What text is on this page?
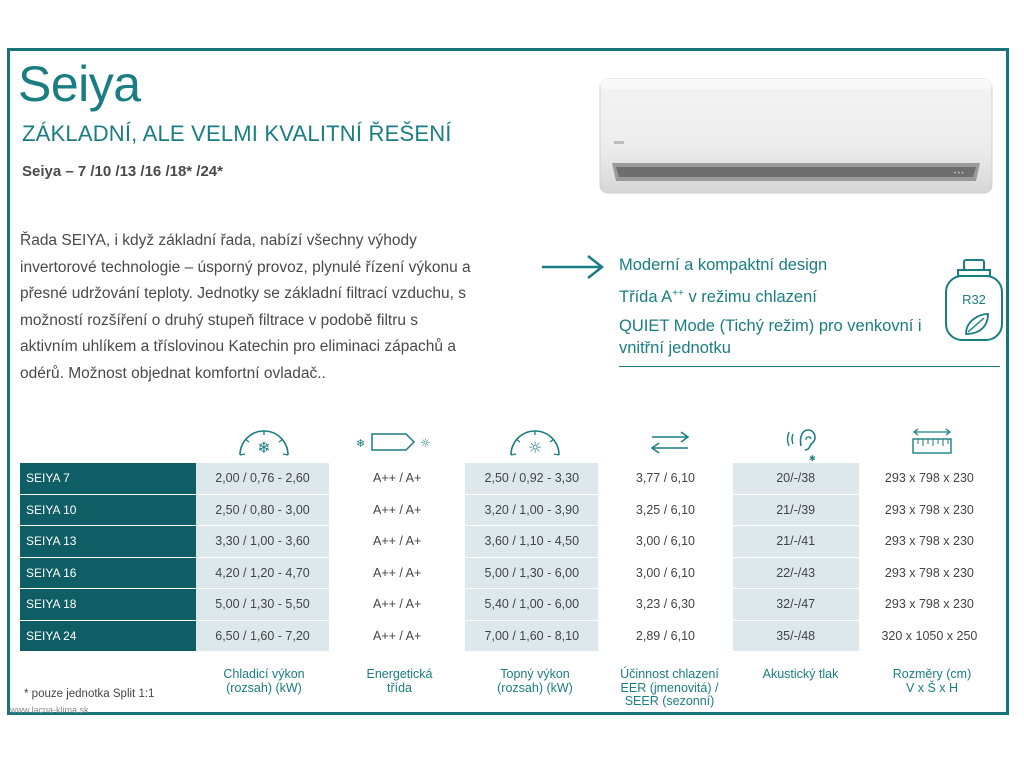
Seiya
ZÁKLADNÍ, ALE VELMI KVALITNÍ ŘEŠENÍ
Seiya – 7 /10 /13 /16 /18* /24*
Řada SEIYA, i když základní řada, nabízí všechny výhody invertorové technologie – úsporný provoz, plynulé řízení výkonu a přesné udržování teploty. Jednotky se základní filtrací vzduchu, s možností rozšíření o druhý stupeň filtrace v podobě filtru s aktivním uhlíkem a tříslovinou Katechin pro eliminaci zápachů a odérů. Možnost objednat komfortní ovladač..
• • •
Moderní a kompaktní design
Třída A++ v režimu chlazení
QUIET Mode (Tichý režim) pro venkovní i vnitřní jednotku
R32
❄	❄	☼	☼
✱
SEIYA 7	2,00 / 0,76 - 2,60	A++ / A+	2,50 / 0,92 - 3,30	3,77 / 6,10	20/-/38	293 x 798 x 230
SEIYA 10	2,50 / 0,80 - 3,00	A++ / A+	3,20 / 1,00 - 3,90	3,25 / 6,10	21/-/39	293 x 798 x 230
SEIYA 13	3,30 / 1,00 - 3,60	A++ / A+	3,60 / 1,10 - 4,50	3,00 / 6,10	21/-/41	293 x 798 x 230
SEIYA 16	4,20 / 1,20 - 4,70	A++ / A+	5,00 / 1,30 - 6,00	3,00 / 6,10	22/-/43	293 x 798 x 230
SEIYA 18	5,00 / 1,30 - 5,50	A++ / A+	5,40 / 1,00 - 6,00	3,23 / 6,30	32/-/47	293 x 798 x 230
SEIYA 24	6,50 / 1,60 - 7,20	A++ / A+	7,00 / 1,60 - 8,10	2,89 / 6,10	35/-/48	320 x 1050 x 250
Chladicí výkon
(rozsah) (kW)
Energetická
třída
Topný výkon
(rozsah) (kW)
Účinnost chlazení
EER (jmenovitá) /
SEER (sezonní)
Akustický tlak	Rozměry (cm)
V x Š x H
* pouze jednotka Split 1:1
www.lacna-klima.sk
